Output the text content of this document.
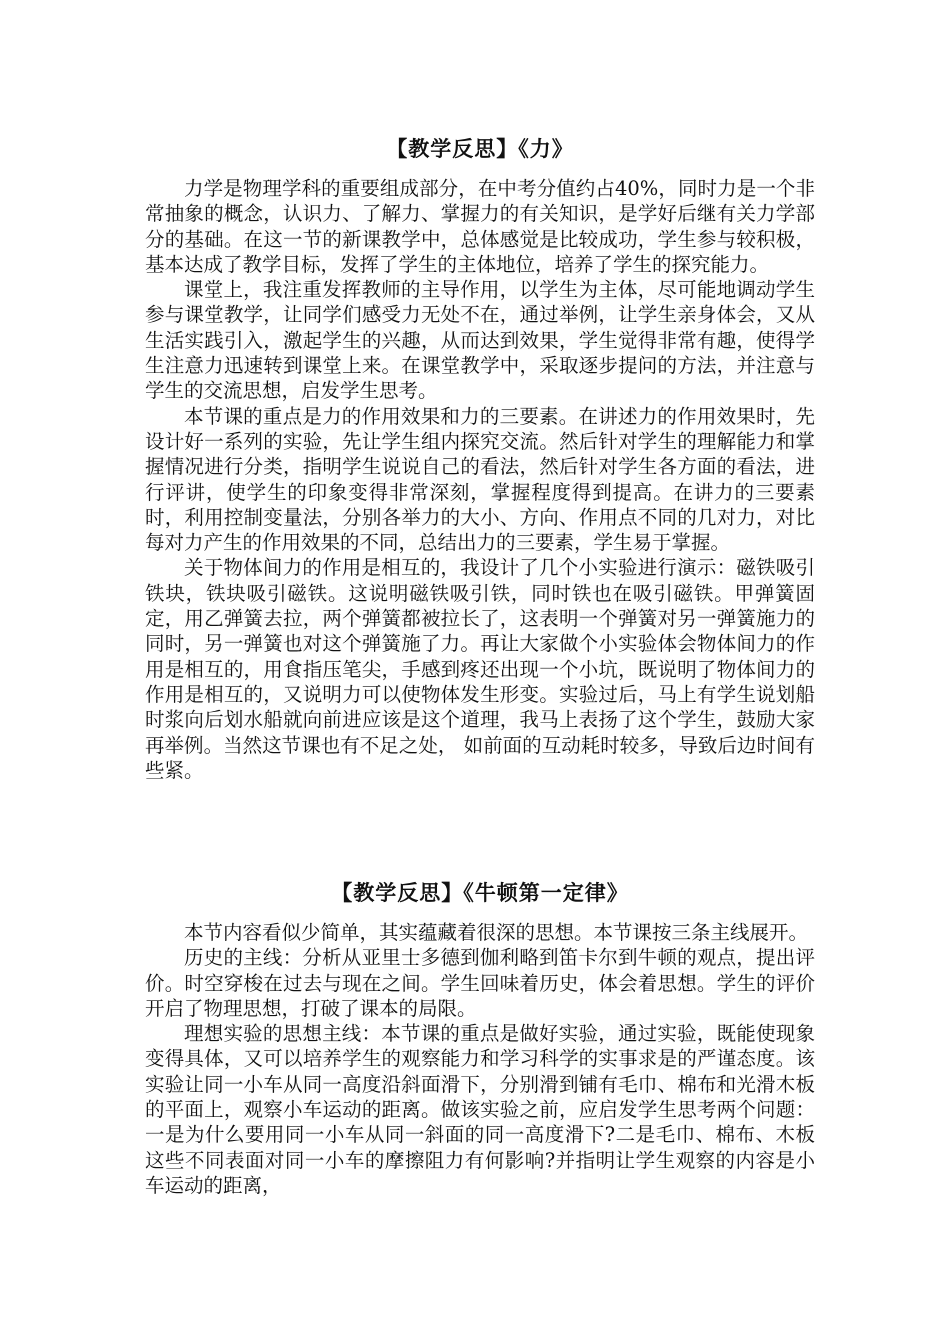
【教学反思】《力》

力学是物理学科的重要组成部分，在中考分值约占40%，同时力是一个非常抽象的概念，认识力、了解力、掌握力的有关知识，是学好后继有关力学部分的基础。在这一节的新课教学中，总体感觉是比较成功，学生参与较积极，基本达成了教学目标，发挥了学生的主体地位，培养了学生的探究能力。

课堂上，我注重发挥教师的主导作用，以学生为主体，尽可能地调动学生参与课堂教学，让同学们感受力无处不在，通过举例，让学生亲身体会，又从生活实践引入，激起学生的兴趣，从而达到效果，学生觉得非常有趣，使得学生注意力迅速转到课堂上来。在课堂教学中，采取逐步提问的方法，并注意与学生的交流思想，启发学生思考。

本节课的重点是力的作用效果和力的三要素。在讲述力的作用效果时，先设计好一系列的实验，先让学生组内探究交流。然后针对学生的理解能力和掌握情况进行分类，指明学生说说自己的看法，然后针对学生各方面的看法，进行评讲，使学生的印象变得非常深刻，掌握程度得到提高。在讲力的三要素时，利用控制变量法，分别各举力的大小、方向、作用点不同的几对力，对比每对力产生的作用效果的不同，总结出力的三要素，学生易于掌握。

关于物体间力的作用是相互的，我设计了几个小实验进行演示：磁铁吸引铁块，铁块吸引磁铁。这说明磁铁吸引铁，同时铁也在吸引磁铁。甲弹簧固定，用乙弹簧去拉，两个弹簧都被拉长了，这表明一个弹簧对另一弹簧施力的同时，另一弹簧也对这个弹簧施了力。再让大家做个小实验体会物体间力的作用是相互的，用食指压笔尖，手感到疼还出现一个小坑，既说明了物体间力的作用是相互的，又说明力可以使物体发生形变。实验过后，马上有学生说划船时浆向后划水船就向前进应该是这个道理，我马上表扬了这个学生，鼓励大家再举例。当然这节课也有不足之处， 如前面的互动耗时较多，导致后边时间有些紧。

【教学反思】《牛顿第一定律》

本节内容看似少简单，其实蕴藏着很深的思想。本节课按三条主线展开。

历史的主线：分析从亚里士多德到伽利略到笛卡尔到牛顿的观点，提出评价。时空穿梭在过去与现在之间。学生回味着历史，体会着思想。学生的评价开启了物理思想，打破了课本的局限。

理想实验的思想主线：本节课的重点是做好实验，通过实验，既能使现象变得具体，又可以培养学生的观察能力和学习科学的实事求是的严谨态度。该实验让同一小车从同一高度沿斜面滑下，分别滑到铺有毛巾、棉布和光滑木板的平面上，观察小车运动的距离。做该实验之前，应启发学生思考两个问题：一是为什么要用同一小车从同一斜面的同一高度滑下?二是毛巾、棉布、木板这些不同表面对同一小车的摩擦阻力有何影响?并指明让学生观察的内容是小车运动的距离，
